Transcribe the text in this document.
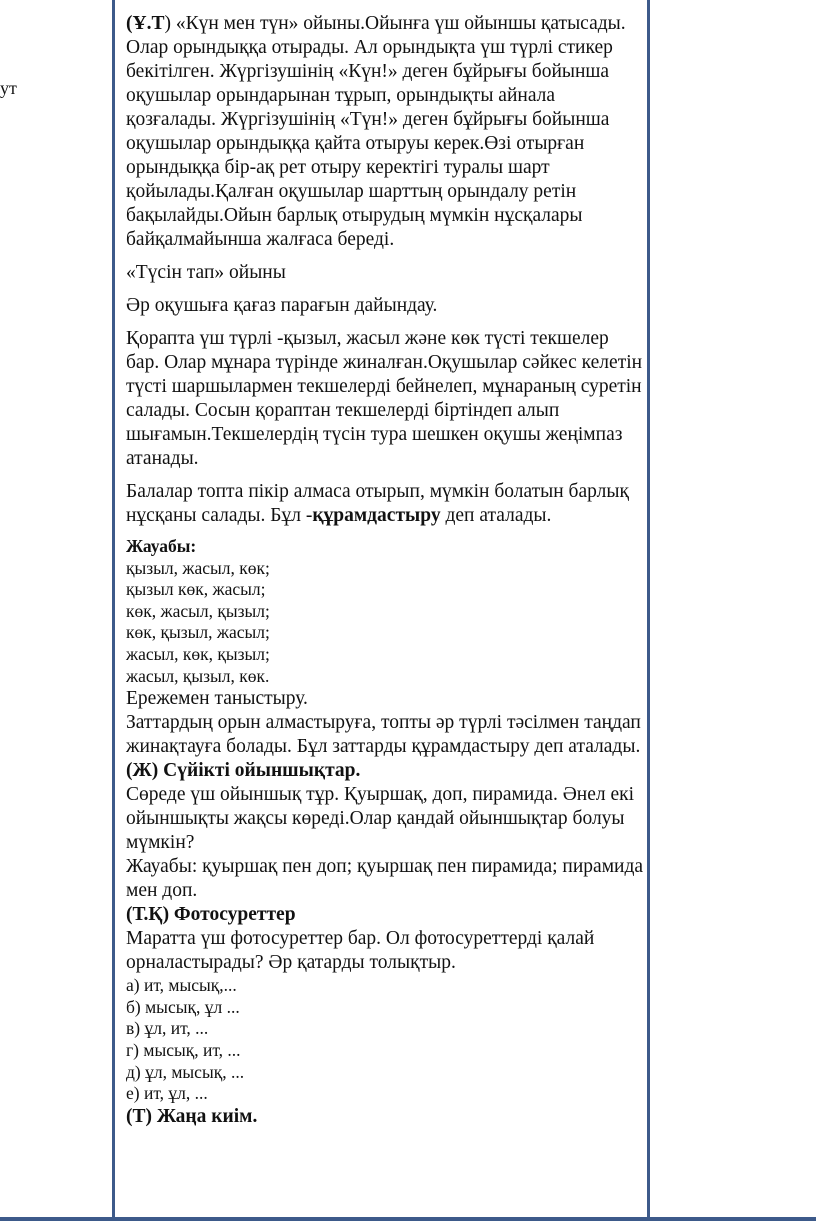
ут

(Ұ.Т) «Күн мен түн» ойыны.Ойынға үш ойыншы қатысады. Олар орындыққа отырады. Ал орындықта үш түрлі стикер бекітілген. Жүргізушінің «Күн!» деген бұйрығы бойынша оқушылар орындарынан тұрып, орындықты айнала қозғалады. Жүргізушінің «Түн!» деген бұйрығы бойынша оқушылар орындыққа қайта отыруы керек.Өзі отырған орындыққа бір-ақ рет отыру керектігі туралы шарт қойылады.Қалған оқушылар шарттың орындалу ретін бақылайды.Ойын барлық отырудың мүмкін нұсқалары байқалмайынша жалғаса береді.

«Түсін тап» ойыны

Әр оқушыға қағаз парағын дайындау.

Қорапта үш түрлі -қызыл, жасыл және көк түсті текшелер бар. Олар мұнара түрінде жиналған.Оқушылар сәйкес келетін түсті шаршылармен текшелерді бейнелеп, мұнараның суретін салады. Сосын қораптан текшелерді біртіндеп алып шығамын.Текшелердің түсін тура шешкен оқушы жеңімпаз атанады.

Балалар топта пікір алмаса отырып, мүмкін болатын барлық нұсқаны салады. Бұл -құрамдастыру деп аталады.

Жауабы:
қызыл, жасыл, көк;
қызыл көк, жасыл;
көк, жасыл, қызыл;
көк, қызыл, жасыл;
жасыл, көк, қызыл;
жасыл, қызыл, көк.
Ережемен таныстыру.
Заттардың орын алмастыруға, топты әр түрлі тәсілмен таңдап жинақтауға болады. Бұл заттарды құрамдастыру деп аталады.
(Ж) Сүйікті ойыншықтар.
Сөреде үш ойыншық тұр. Қуыршақ, доп, пирамида. Әнел екі ойыншықты жақсы көреді.Олар қандай ойыншықтар болуы мүмкін?
Жауабы: қуыршақ пен доп; қуыршақ пен пирамида; пирамида мен доп.
(Т.Қ) Фотосуреттер
Маратта үш фотосуреттер бар. Ол фотосуреттерді қалай орналастырады? Әр қатарды толықтыр.
а) ит, мысық,...
б) мысық, ұл ...
в) ұл, ит, ...
г) мысық, ит, ...
д) ұл, мысық, ...
е) ит, ұл, ...
(Т) Жаңа киім.
